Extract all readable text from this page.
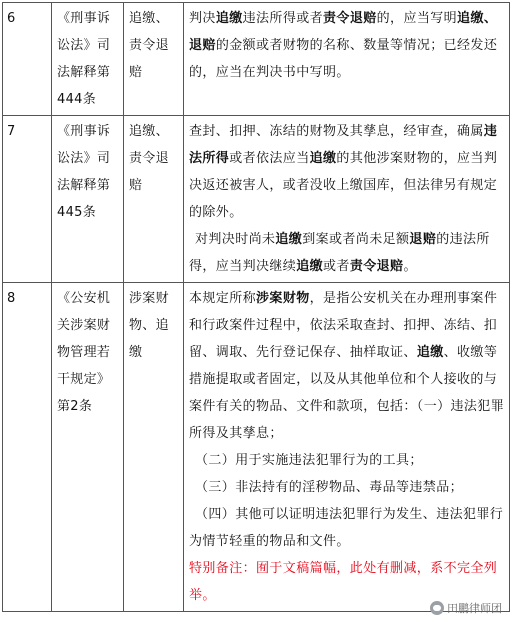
6	《刑事诉讼法》司法解释第444条	追缴、责令退赔	判决追缴违法所得或者责令退赔的，应当写明追缴、退赔的金额或者财物的名称、数量等情况；已经发还的，应当在判决书中写明。

7	《刑事诉讼法》司法解释第445条	追缴、责令退赔	查封、扣押、冻结的财物及其孳息，经审查，确属违法所得或者依法应当追缴的其他涉案财物的，应当判决返还被害人，或者没收上缴国库，但法律另有规定的除外。
对判决时尚未追缴到案或者尚未足额退赔的违法所得，应当判决继续追缴或者责令退赔。

8	《公安机关涉案财物管理若干规定》第2条	涉案财物、追缴	本规定所称涉案财物，是指公安机关在办理刑事案件和行政案件过程中，依法采取查封、扣押、冻结、扣留、调取、先行登记保存、抽样取证、追缴、收缴等措施提取或者固定，以及从其他单位和个人接收的与案件有关的物品、文件和款项，包括：（一）违法犯罪所得及其孳息；
（二）用于实施违法犯罪行为的工具；
（三）非法持有的淫秽物品、毒品等违禁品；
（四）其他可以证明违法犯罪行为发生、违法犯罪行为情节轻重的物品和文件。
特别备注：囿于文稿篇幅，此处有删减，系不完全列举。
田鹏律师团
